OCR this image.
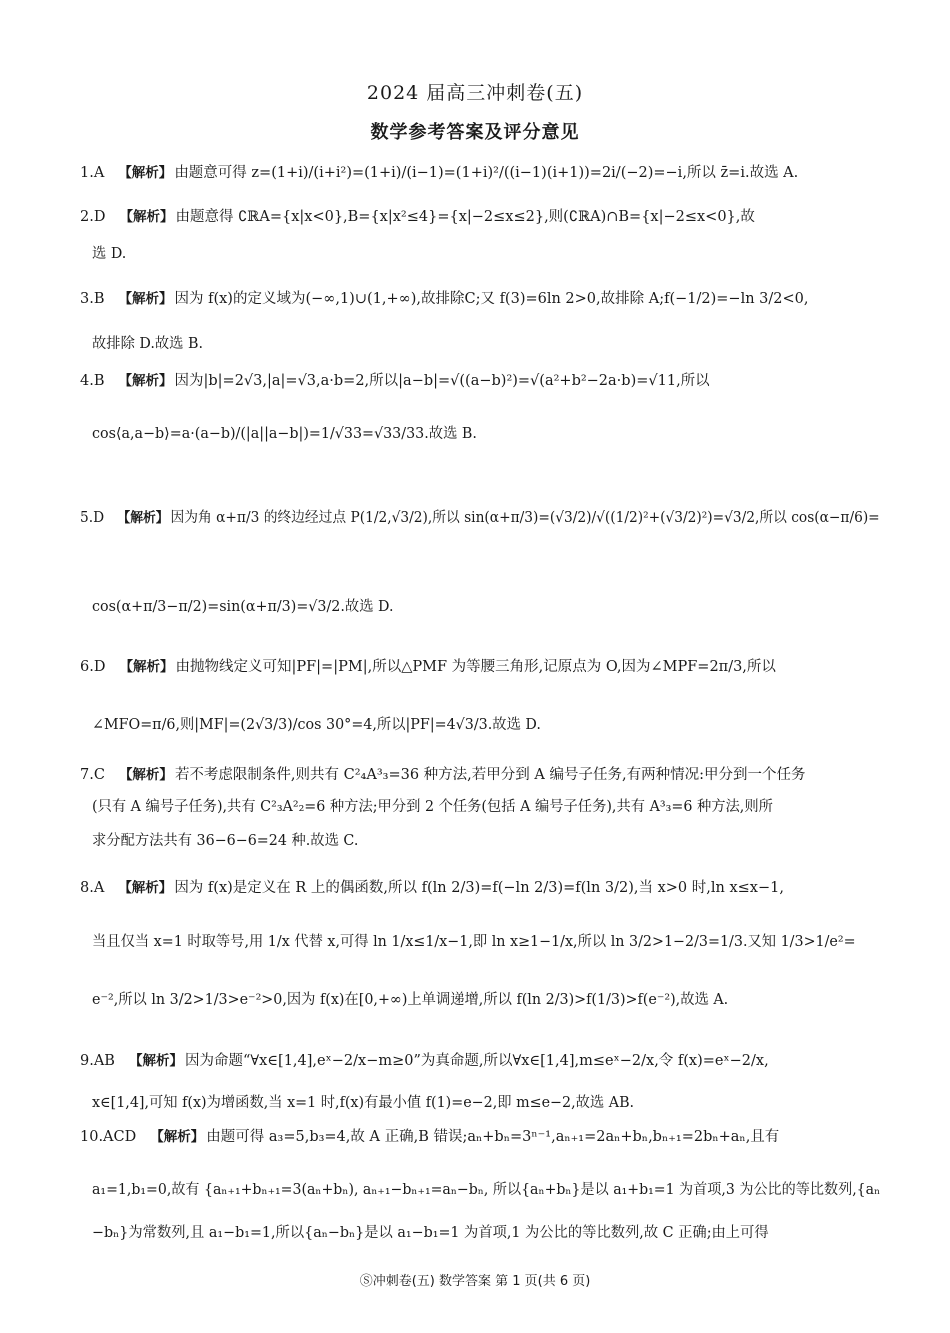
2024 届高三冲刺卷(五)
数学参考答案及评分意见
1.A 【解析】 由题意可得 z=(1+i)/(i+i²)=(1+i)/(i−1)=(1+i)²/((i−1)(i+1))=2i/(−2)=−i,所以 z̄=i.故选 A.
2.D 【解析】 由题意得 ∁ℝA={x|x<0},B={x|x²≤4}={x|−2≤x≤2},则(∁ℝA)∩B={x|−2≤x<0},故
选 D.
3.B 【解析】 因为 f(x)的定义域为(−∞,1)∪(1,+∞),故排除C;又 f(3)=6ln 2>0,故排除 A;f(−1/2)=−ln 3/2<0,
故排除 D.故选 B.
4.B 【解析】 因为|b|=2√3,|a|=√3,a·b=2,所以|a−b|=√((a−b)²)=√(a²+b²−2a·b)=√11,所以
cos⟨a,a−b⟩=a·(a−b)/(|a||a−b|)=1/√33=√33/33.故选 B.
5.D 【解析】 因为角 α+π/3 的终边经过点 P(1/2,√3/2),所以 sin(α+π/3)=(√3/2)/√((1/2)²+(√3/2)²)=√3/2,所以 cos(α−π/6)=
cos(α+π/3−π/2)=sin(α+π/3)=√3/2.故选 D.
6.D 【解析】 由抛物线定义可知|PF|=|PM|,所以△PMF 为等腰三角形,记原点为 O,因为∠MPF=2π/3,所以
∠MFO=π/6,则|MF|=(2√3/3)/cos 30°=4,所以|PF|=4√3/3.故选 D.
7.C 【解析】 若不考虑限制条件,则共有 C²₄A³₃=36 种方法,若甲分到 A 编号子任务,有两种情况:甲分到一个任务
(只有 A 编号子任务),共有 C²₃A²₂=6 种方法;甲分到 2 个任务(包括 A 编号子任务),共有 A³₃=6 种方法,则所
求分配方法共有 36−6−6=24 种.故选 C.
8.A 【解析】 因为 f(x)是定义在 R 上的偶函数,所以 f(ln 2/3)=f(−ln 2/3)=f(ln 3/2),当 x>0 时,ln x≤x−1,
当且仅当 x=1 时取等号,用 1/x 代替 x,可得 ln 1/x≤1/x−1,即 ln x≥1−1/x,所以 ln 3/2>1−2/3=1/3.又知 1/3>1/e²=
e⁻²,所以 ln 3/2>1/3>e⁻²>0,因为 f(x)在[0,+∞)上单调递增,所以 f(ln 2/3)>f(1/3)>f(e⁻²),故选 A.
9.AB 【解析】 因为命题“∀x∈[1,4],eˣ−2/x−m≥0”为真命题,所以∀x∈[1,4],m≤eˣ−2/x,令 f(x)=eˣ−2/x,
x∈[1,4],可知 f(x)为增函数,当 x=1 时,f(x)有最小值 f(1)=e−2,即 m≤e−2,故选 AB.
10.ACD 【解析】 由题可得 a₃=5,b₃=4,故 A 正确,B 错误;aₙ+bₙ=3ⁿ⁻¹,aₙ₊₁=2aₙ+bₙ,bₙ₊₁=2bₙ+aₙ,且有
a₁=1,b₁=0,故有 {aₙ₊₁+bₙ₊₁=3(aₙ+bₙ), aₙ₊₁−bₙ₊₁=aₙ−bₙ, 所以{aₙ+bₙ}是以 a₁+b₁=1 为首项,3 为公比的等比数列,{aₙ
−bₙ}为常数列,且 a₁−b₁=1,所以{aₙ−bₙ}是以 a₁−b₁=1 为首项,1 为公比的等比数列,故 C 正确;由上可得
Ⓢ冲刺卷(五) 数学答案 第 1 页(共 6 页)
